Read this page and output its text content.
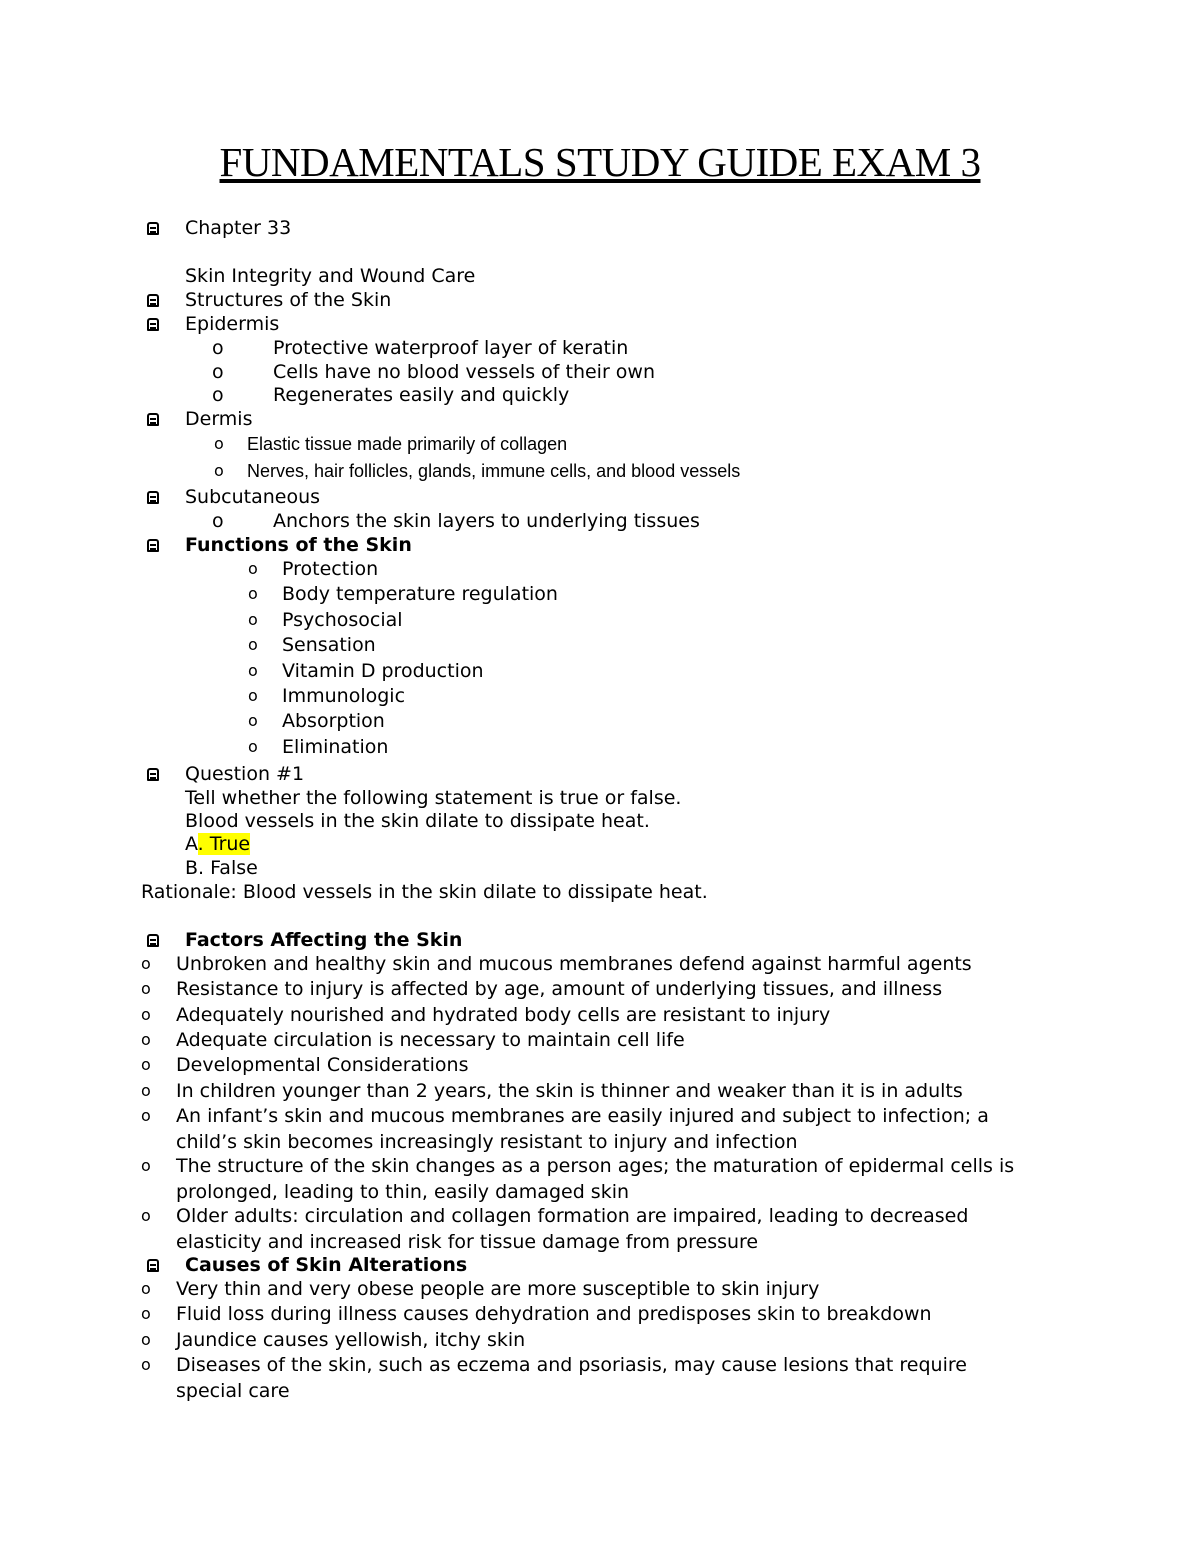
FUNDAMENTALS STUDY GUIDE EXAM 3
Chapter 33
Skin Integrity and Wound Care
Structures of the Skin
Epidermis
o	Protective waterproof layer of keratin
o	Cells have no blood vessels of their own
o	Regenerates easily and quickly
Dermis
o Elastic tissue made primarily of collagen
o Nerves, hair follicles, glands, immune cells, and blood vessels
Subcutaneous
o	Anchors the skin layers to underlying tissues
Functions of the Skin
o Protection
o Body temperature regulation
o Psychosocial
o Sensation
o Vitamin D production
o Immunologic
o Absorption
o Elimination
Question #1
Tell whether the following statement is true or false.
Blood vessels in the skin dilate to dissipate heat.
A. True
B. False
Rationale: Blood vessels in the skin dilate to dissipate heat.
Factors Affecting the Skin
o Unbroken and healthy skin and mucous membranes defend against harmful agents
o Resistance to injury is affected by age, amount of underlying tissues, and illness
o Adequately nourished and hydrated body cells are resistant to injury
o Adequate circulation is necessary to maintain cell life
o Developmental Considerations
o In children younger than 2 years, the skin is thinner and weaker than it is in adults
o An infant’s skin and mucous membranes are easily injured and subject to infection; a
child’s skin becomes increasingly resistant to injury and infection
o The structure of the skin changes as a person ages; the maturation of epidermal cells is
prolonged, leading to thin, easily damaged skin
o Older adults: circulation and collagen formation are impaired, leading to decreased
elasticity and increased risk for tissue damage from pressure
Causes of Skin Alterations
o Very thin and very obese people are more susceptible to skin injury
o Fluid loss during illness causes dehydration and predisposes skin to breakdown
o Jaundice causes yellowish, itchy skin
o Diseases of the skin, such as eczema and psoriasis, may cause lesions that require
special care
